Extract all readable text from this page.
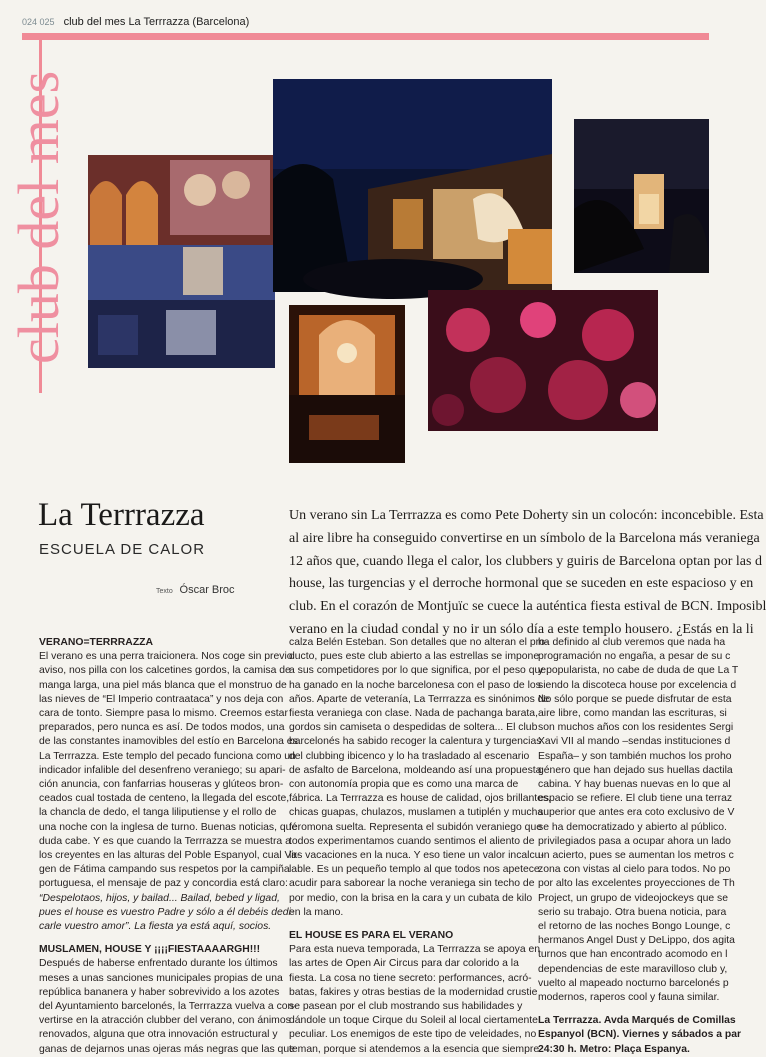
024 025 club del mes La Terrrazza (Barcelona)
club del mes
La Terrrazza
ESCUELA DE CALOR
Texto Óscar Broc
Un verano sin La Terrrazza es como Pete Doherty sin un colocón: inconcebible. Esta
al aire libre ha conseguido convertirse en un símbolo de la Barcelona más veraniega
12 años que, cuando llega el calor, los clubbers y guiris de Barcelona optan por las d
house, las turgencias y el derroche hormonal que se suceden en este espacioso y en
club. En el corazón de Montjuïc se cuece la auténtica fiesta estival de BCN. Imposibl
verano en la ciudad condal y no ir un sólo día a este templo housero. ¿Estás en la li
VERANO=TERRRAZZA
El verano es una perra traicionera. Nos coge sin previo
aviso, nos pilla con los calcetines gordos, la camisa de
manga larga, una piel más blanca que el monstruo de
las nieves de “El Imperio contraataca” y nos deja con
cara de tonto. Siempre pasa lo mismo. Creemos estar
preparados, pero nunca es así. De todos modos, una
de las constantes inamovibles del estío en Barcelona es
La Terrrazza. Este templo del pecado funciona como un
indicador infalible del desenfreno veraniego; su apari-
ción anuncia, con fanfarrias houseras y glúteos bron-
ceados cual tostada de centeno, la llegada del escote,
la chancla de dedo, el tanga liliputiense y el rollo de
una noche con la inglesa de turno. Buenas noticias, qué
duda cabe. Y es que cuando la Terrrazza se muestra a
los creyentes en las alturas del Poble Espanyol, cual Vir-
gen de Fátima campando sus respetos por la campiña
portuguesa, el mensaje de paz y concordia está claro:
“Despelotaos, hijos, y bailad... Bailad, bebed y ligad,
pues el house es vuestro Padre y sólo a él debéis dedi-
carle vuestro amor”. La fiesta ya está aquí, socios.
MUSLAMEN, HOUSE Y ¡¡¡¡FIESTAAAARGH!!!
Después de haberse enfrentado durante los últimos
meses a unas sanciones municipales propias de una
república bananera y haber sobrevivido a los azotes
del Ayuntamiento barcelonés, la Terrrazza vuelva a con-
vertirse en la atracción clubber del verano, con ánimos
renovados, alguna que otra innovación estructural y
ganas de dejarnos unas ojeras más negras que las que
calza Belén Esteban. Son detalles que no alteran el pro-
ducto, pues este club abierto a las estrellas se impone
a sus competidores por lo que significa, por el peso que
ha ganado en la noche barcelonesa con el paso de los
años. Aparte de veteranía, La Terrrazza es sinónimos de
fiesta veraniega con clase. Nada de pachanga barata,
gordos sin camiseta o despedidas de soltera... El club
barcelonés ha sabido recoger la calentura y turgencias
del clubbing ibicenco y lo ha trasladado al escenario
de asfalto de Barcelona, moldeando así una propuesta
con autonomía propia que es como una marca de
fábrica. La Terrrazza es house de calidad, ojos brillantes,
chicas guapas, chulazos, muslamen a tutiplén y mucha
feromona suelta. Representa el subidón veraniego que
todos experimentamos cuando sentimos el aliento de
las vacaciones en la nuca. Y eso tiene un valor incalcu-
lable. Es un pequeño templo al que todos nos apetece
acudir para saborear la noche veraniega sin techo de
por medio, con la brisa en la cara y un cubata de kilo
en la mano.
EL HOUSE ES PARA EL VERANO
Para esta nueva temporada, La Terrrazza se apoya en
las artes de Open Air Circus para dar colorido a la
fiesta. La cosa no tiene secreto: performances, acró-
batas, fakires y otras bestias de la modernidad crustie
se pasean por el club mostrando sus habilidades y
dándole un toque Cirque du Soleil al local ciertamente
peculiar. Los enemigos de este tipo de veleidades, no
teman, porque si atendemos a la esencia que siempre
ha definido al club veremos que nada ha
programación no engaña, a pesar de su c
y popularista, no cabe de duda de que La T
siendo la discoteca house por excelencia d
No sólo porque se puede disfrutar de esta
aire libre, como mandan las escrituras, si
son muchos años con los residentes Sergi
Xavi VII al mando –sendas instituciones d
España– y son también muchos los proho
género que han dejado sus huellas dactila
cabina. Y hay buenas nuevas en lo que al
espacio se refiere. El club tiene una terraz
superior que antes era coto exclusivo de V
se ha democratizado y abierto al público.
privilegiados pasa a ocupar ahora un lado
un acierto, pues se aumentan los metros c
zona con vistas al cielo para todos. No po
por alto las excelentes proyecciones de Th
Project, un grupo de videojockeys que se
serio su trabajo. Otra buena noticia, para
el retorno de las noches Bongo Lounge, c
hermanos Angel Dust y DeLippo, dos agita
turnos que han encontrado acomodo en l
dependencias de este maravilloso club y,
vuelto al mapeado nocturno barcelonés p
modernos, raperos cool y fauna similar.
La Terrrazza. Avda Marqués de Comillas
Espanyol (BCN). Viernes y sábados a par
24:30 h. Metro: Plaça Espanya.
